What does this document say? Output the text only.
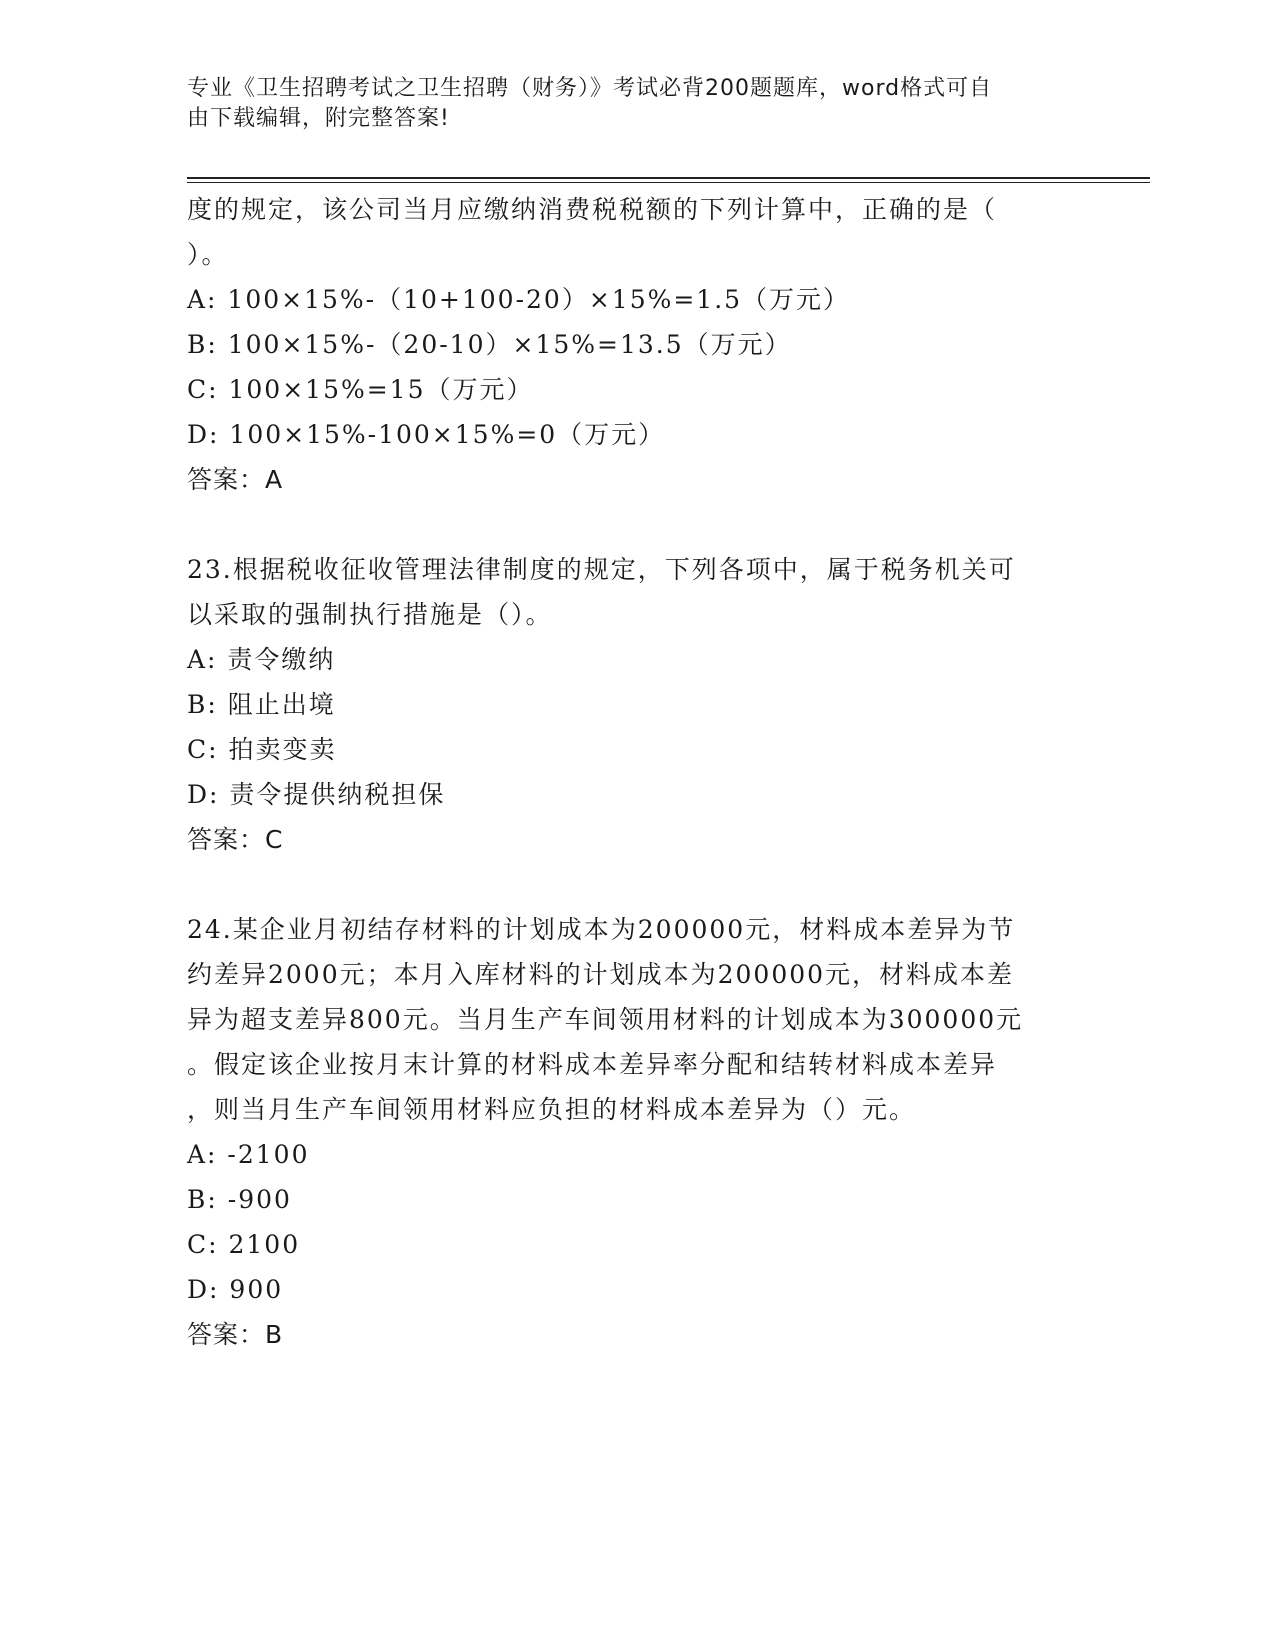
专业《卫生招聘考试之卫生招聘（财务）》考试必背200题题库，word格式可自
由下载编辑，附完整答案!
度的规定，该公司当月应缴纳消费税税额的下列计算中，正确的是（
）。
A: 100×15%-（10+100-20）×15%=1.5（万元）
B: 100×15%-（20-10）×15%=13.5（万元）
C: 100×15%=15（万元）
D: 100×15%-100×15%=0（万元）
答案：A
23.根据税收征收管理法律制度的规定，下列各项中，属于税务机关可
以采取的强制执行措施是（）。
A: 责令缴纳
B: 阻止出境
C: 拍卖变卖
D: 责令提供纳税担保
答案：C
24.某企业月初结存材料的计划成本为200000元，材料成本差异为节
约差异2000元；本月入库材料的计划成本为200000元，材料成本差
异为超支差异800元。当月生产车间领用材料的计划成本为300000元
。假定该企业按月末计算的材料成本差异率分配和结转材料成本差异
，则当月生产车间领用材料应负担的材料成本差异为（）元。
A: -2100
B: -900
C: 2100
D: 900
答案：B
